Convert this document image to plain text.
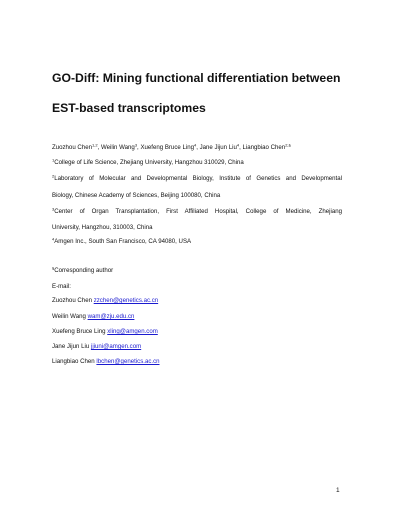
GO-Diff: Mining functional differentiation between
EST-based transcriptomes
Zuozhou Chen$^{1,2}$, Weilin Wang$^3$, Xuefeng Bruce Ling$^4$, Jane Jijun Liu$^4$, Liangbiao Chen$^{2,\S}$
$^1$College of Life Science, Zhejiang University, Hangzhou 310029, China
$^2$Laboratory of Molecular and Developmental Biology, Institute of Genetics and Developmental
Biology, Chinese Academy of Sciences, Beijing 100080, China
$^3$Center of Organ Transplantation, First Affiliated Hospital, College of Medicine, Zhejiang
University, Hangzhou, 310003, China
$^4$Amgen Inc., South San Francisco, CA 94080, USA
§Corresponding author
E-mail:
Zuozhou Chen zzchen@genetics.ac.cn
Weilin Wang wam@zju.edu.cn
Xuefeng Bruce Ling xling@amgen.com
Jane Jijun Liu jjiuni@amgen.com
Liangbiao Chen lbchen@genetics.ac.cn
1
